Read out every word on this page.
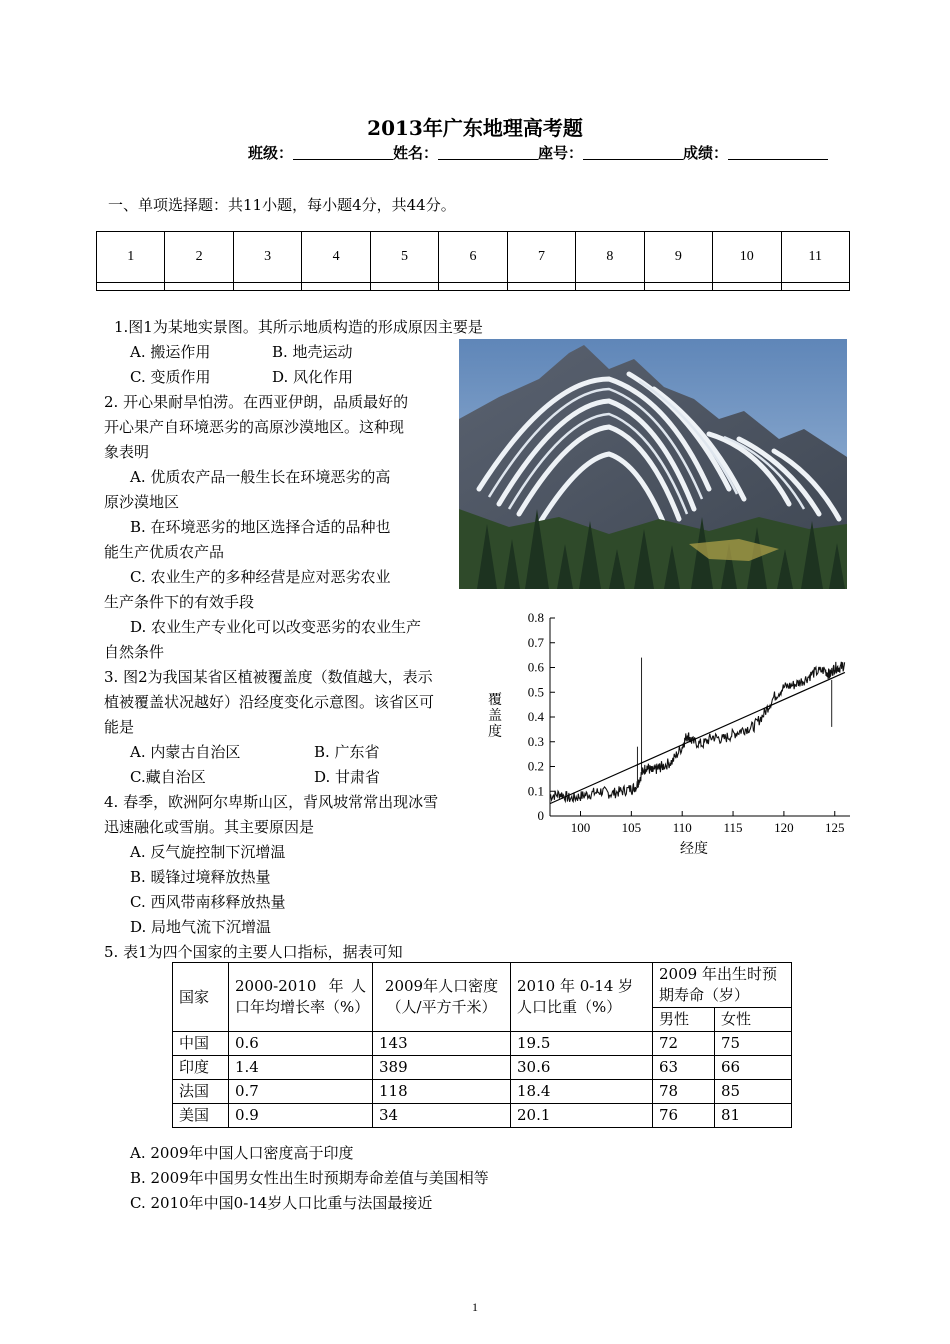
2013年广东地理高考题
班级：	姓名：	座号：	成绩：
一、单项选择题：共11小题，每小题4分，共44分。
1	2	3	4	5	6	7	8	9	10	11

1.图1为某地实景图。其所示地质构造的形成原因主要是
A. 搬运作用	B. 地壳运动
C. 变质作用	D. 风化作用
2. 开心果耐旱怕涝。在西亚伊朗，品质最好的
开心果产自环境恶劣的高原沙漠地区。这种现
象表明
A. 优质农产品一般生长在环境恶劣的高
原沙漠地区
B. 在环境恶劣的地区选择合适的品种也
能生产优质农产品
C. 农业生产的多种经营是应对恶劣农业
生产条件下的有效手段
D. 农业生产专业化可以改变恶劣的农业生产
自然条件
3. 图2为我国某省区植被覆盖度（数值越大，表示
植被覆盖状况越好）沿经度变化示意图。该省区可
能是
A. 内蒙古自治区	B. 广东省
C.藏自治区	D. 甘肃省
4. 春季，欧洲阿尔卑斯山区，背风坡常常出现冰雪
迅速融化或雪崩。其主要原因是
A. 反气旋控制下沉增温
B. 暖锋过境释放热量
C. 西风带南移释放热量
D. 局地气流下沉增温
5. 表1为四个国家的主要人口指标，据表可知
国家	2000-2010 年人口年均增长率（%）	2009年人口密度（人/平方千米）	2010 年 0-14 岁人口比重（%）	2009 年出生时预期寿命（岁）	
				男性	女性
中国	0.6	143	19.5	72	75
印度	1.4	389	30.6	63	66
法国	0.7	118	18.4	78	85
美国	0.9	34	20.1	76	81
A. 2009年中国人口密度高于印度
B. 2009年中国男女性出生时预期寿命差值与美国相等
C. 2010年中国0-14岁人口比重与法国最接近
0
0.1
0.2
0.3
0.4
0.5
0.6
0.7
0.8
100 105 110 115 120 125
覆
盖
度
经度
1
